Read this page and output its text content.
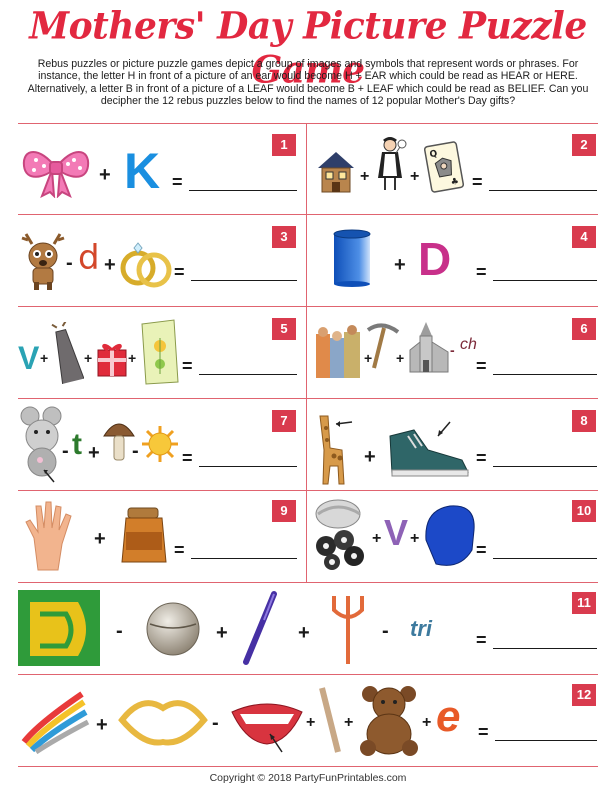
Mothers' Day Picture Puzzle Game
Rebus puzzles or picture puzzle games depict a group of images and symbols that represent words or phrases. For instance, the letter H in front of a picture of an ear would become H + EAR which could be read as HEAR or HERE. Alternatively, a letter B in front of a picture of a LEAF would become B + LEAF which could be read as BELIEF. Can you decipher the 12 rebus puzzles below to find the names of 12 popular Mother's Day gifts?
1
+ K =
2
+	+
Q
♣ =
3
- d +	=
4
+ D =
5
V +	+	+	=
6
+ +	- ch
=
7
- t + - =
8
+	=
9
+	=
10
+ V +
=
11
-	+	+	- tri =
12
+	-	+ +	+ e =
Copyright © 2018 PartyFunPrintables.com
